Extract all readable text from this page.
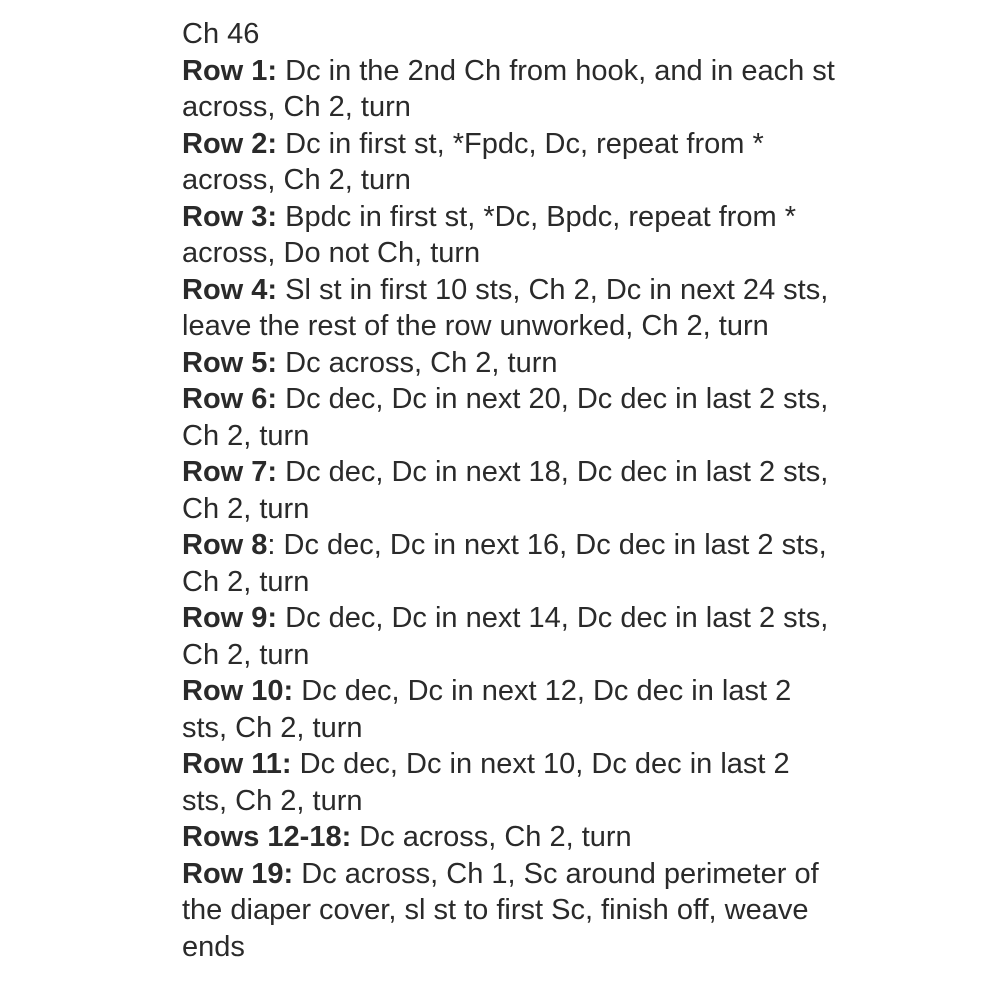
Ch 46

Row 1: Dc in the 2nd Ch from hook, and in each st across, Ch 2, turn

Row 2: Dc in first st, *Fpdc, Dc, repeat from * across, Ch 2, turn

Row 3: Bpdc in first st, *Dc, Bpdc, repeat from * across, Do not Ch, turn

Row 4: Sl st in first 10 sts, Ch 2, Dc in next 24 sts, leave the rest of the row unworked, Ch 2, turn

Row 5: Dc across, Ch 2, turn

Row 6: Dc dec, Dc in next 20, Dc dec in last 2 sts, Ch 2, turn

Row 7: Dc dec, Dc in next 18, Dc dec in last 2 sts, Ch 2, turn

Row 8: Dc dec, Dc in next 16, Dc dec in last 2 sts, Ch 2, turn

Row 9: Dc dec, Dc in next 14, Dc dec in last 2 sts, Ch 2, turn

Row 10: Dc dec, Dc in next 12, Dc dec in last 2 sts, Ch 2, turn

Row 11: Dc dec, Dc in next 10, Dc dec in last 2 sts, Ch 2, turn

Rows 12-18: Dc across, Ch 2, turn

Row 19: Dc across, Ch 1, Sc around perimeter of the diaper cover, sl st to first Sc, finish off, weave ends
